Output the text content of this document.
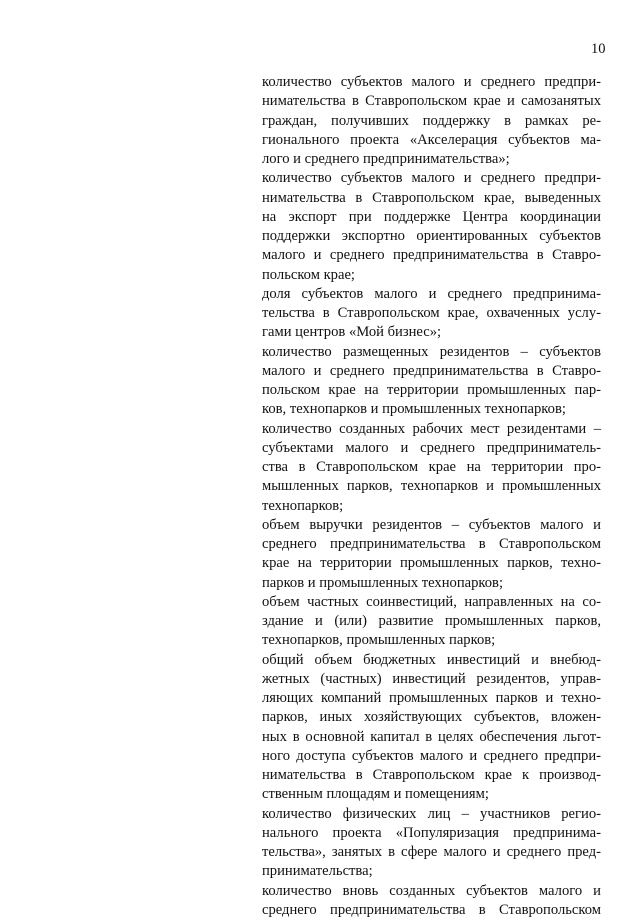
10

количество субъектов малого и среднего предпри-
нимательства в Ставропольском крае и самозанятых
граждан, получивших поддержку в рамках ре-
гионального проекта «Акселерация субъектов ма-
лого и среднего предпринимательства»;

количество субъектов малого и среднего предпри-
нимательства в Ставропольском крае, выведенных
на экспорт при поддержке Центра координации
поддержки экспортно ориентированных субъектов
малого и среднего предпринимательства в Ставро-
польском крае;

доля субъектов малого и среднего предпринима-
тельства в Ставропольском крае, охваченных услу-
гами центров «Мой бизнес»;

количество размещенных резидентов – субъектов
малого и среднего предпринимательства в Ставро-
польском крае на территории промышленных пар-
ков, технопарков и промышленных технопарков;

количество созданных рабочих мест резидентами –
субъектами малого и среднего предприниматель-
ства в Ставропольском крае на территории про-
мышленных парков, технопарков и промышленных
технопарков;

объем выручки резидентов – субъектов малого и
среднего предпринимательства в Ставропольском
крае на территории промышленных парков, техно-
парков и промышленных технопарков;

объем частных соинвестиций, направленных на со-
здание и (или) развитие промышленных парков,
технопарков, промышленных парков;

общий объем бюджетных инвестиций и внебюд-
жетных (частных) инвестиций резидентов, управ-
ляющих компаний промышленных парков и техно-
парков, иных хозяйствующих субъектов, вложен-
ных в основной капитал в целях обеспечения льгот-
ного доступа субъектов малого и среднего предпри-
нимательства в Ставропольском крае к производ-
ственным площадям и помещениям;

количество физических лиц – участников регио-
нального проекта «Популяризация предпринима-
тельства», занятых в сфере малого и среднего пред-
принимательства;

количество вновь созданных субъектов малого и
среднего предпринимательства в Ставропольском
